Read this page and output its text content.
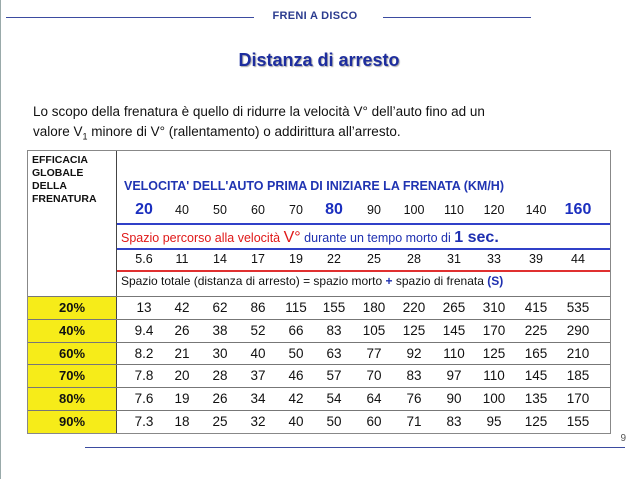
FRENI A DISCO
Distanza di arresto

Lo scopo della frenatura è quello di ridurre la velocità V° dell’auto fino ad un

valore $V_1$ minore di V° (rallentamento) o addirittura all’arresto.

EFFICACIA
GLOBALE
DELLA
FRENATURA
VELOCITA' DELL'AUTO PRIMA DI INIZIARE LA FRENATA (KM/H)
20	40	50	60	70	80	90	100	110	120	140	160
Spazio percorso alla velocità V° durante un tempo morto di 1 sec.
5.6	11	14	17	19	22	25	28	31	33	39	44
Spazio totale (distanza di arresto) = spazio morto + spazio di frenata (S)
20%	13	42	62	86	115	155	180	220	265	310	415	535
40%	9.4	26	38	52	66	83	105	125	145	170	225	290
60%	8.2	21	30	40	50	63	77	92	110	125	165	210
70%	7.8	20	28	37	46	57	70	83	97	110	145	185
80%	7.6	19	26	34	42	54	64	76	90	100	135	170
90%	7.3	18	25	32	40	50	60	71	83	95	125	155
9
